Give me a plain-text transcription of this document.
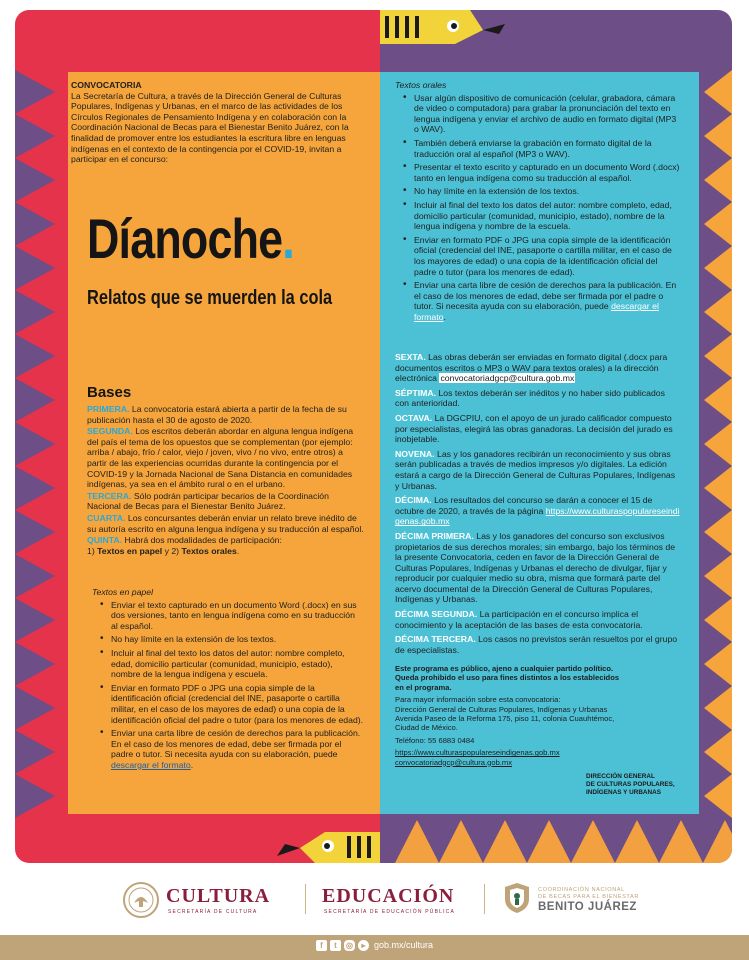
CONVOCATORIA
La Secretaría de Cultura, a través de la Dirección General de Culturas Populares, Indígenas y Urbanas, en el marco de las actividades de los Círculos Regionales de Pensamiento Indígena y en colaboración con la Coordinación Nacional de Becas para el Bienestar Benito Juárez, con la finalidad de promover entre los estudiantes la escritura libre en lenguas indígenas en el contexto de la contingencia por el COVID-19, invitan a participar en el concurso:
Díanoche.
Relatos que se muerden la cola
Bases

PRIMERA. La convocatoria estará abierta a partir de la fecha de su publicación hasta el 30 de agosto de 2020.

SEGUNDA. Los escritos deberán abordar en alguna lengua indígena del país el tema de los opuestos que se complementan (por ejemplo: arriba / abajo, frío / calor, viejo / joven, vivo / no vivo, entre otros) a partir de las experiencias ocurridas durante la contingencia por el COVID-19 y la Jornada Nacional de Sana Distancia en comunidades indígenas, ya sea en el ámbito rural o en el urbano.

TERCERA. Sólo podrán participar becarios de la Coordinación Nacional de Becas para el Bienestar Benito Juárez.

CUARTA. Los concursantes deberán enviar un relato breve inédito de su autoría escrito en alguna lengua indígena y su traducción al español.

QUINTA. Habrá dos modalidades de participación:
1) Textos en papel y 2) Textos orales.

Textos en papel
• Enviar el texto capturado en un documento Word (.docx) en sus dos versiones, tanto en lengua indígena como en su traducción al español.
• No hay límite en la extensión de los textos.
• Incluir al final del texto los datos del autor: nombre completo, edad, domicilio particular (comunidad, municipio, estado), nombre de la lengua indígena y escuela.
• Enviar en formato PDF o JPG una copia simple de la identificación oficial (credencial del INE, pasaporte o cartilla militar, en el caso de los mayores de edad) o una copia de la identificación oficial del padre o tutor (para los menores de edad).
• Enviar una carta libre de cesión de derechos para la publicación. En el caso de los menores de edad, debe ser firmada por el padre o tutor. Si necesita ayuda con su elaboración, puede descargar el formato.
Textos orales
• Usar algún dispositivo de comunicación (celular, grabadora, cámara de video o computadora) para grabar la pronunciación del texto en lengua indígena y enviar el archivo de audio en formato digital (MP3 o WAV).
• También deberá enviarse la grabación en formato digital de la traducción oral al español (MP3 o WAV).
• Presentar el texto escrito y capturado en un documento Word (.docx) tanto en lengua indígena como su traducción al español.
• No hay límite en la extensión de los textos.
• Incluir al final del texto los datos del autor: nombre completo, edad, domicilio particular (comunidad, municipio, estado), nombre de la lengua indígena y nombre de la escuela.
• Enviar en formato PDF o JPG una copia simple de la identificación oficial (credencial del INE, pasaporte o cartilla militar, en el caso de los mayores de edad) o una copia de la identificación oficial del padre o tutor (para los menores de edad).
• Enviar una carta libre de cesión de derechos para la publicación. En el caso de los menores de edad, debe ser firmada por el padre o tutor. Si necesita ayuda con su elaboración, puede descargar el formato.

SEXTA. Las obras deberán ser enviadas en formato digital (.docx para documentos escritos o MP3 o WAV para textos orales) a la dirección electrónica convocatoriadgcp@cultura.gob.mx

SÉPTIMA. Los textos deberán ser inéditos y no haber sido publicados con anterioridad.

OCTAVA. La DGCPIU, con el apoyo de un jurado calificador compuesto por especialistas, elegirá las obras ganadoras. La decisión del jurado es inobjetable.

NOVENA. Las y los ganadores recibirán un reconocimiento y sus obras serán publicadas a través de medios impresos y/o digitales. La edición estará a cargo de la Dirección General de Culturas Populares, Indígenas y Urbanas.

DÉCIMA. Los resultados del concurso se darán a conocer el 15 de octubre de 2020, a través de la página https://www.culturaspopulareseindigenas.gob.mx

DÉCIMA PRIMERA. Las y los ganadores del concurso son exclusivos propietarios de sus derechos morales; sin embargo, bajo los términos de la presente Convocatoria, ceden en favor de la Dirección General de Culturas Populares, Indígenas y Urbanas el derecho de divulgar, fijar y reproducir por cualquier medio su obra, misma que formará parte del acervo documental de la Dirección General de Culturas Populares, Indígenas y Urbanas.

DÉCIMA SEGUNDA. La participación en el concurso implica el conocimiento y la aceptación de las bases de esta convocatoria.

DÉCIMA TERCERA. Los casos no previstos serán resueltos por el grupo de especialistas.

Este programa es público, ajeno a cualquier partido político. Queda prohibido el uso para fines distintos a los establecidos en el programa.
Para mayor información sobre esta convocatoria:
Dirección General de Culturas Populares, Indígenas y Urbanas
Avenida Paseo de la Reforma 175, piso 11, colonia Cuauhtémoc,
Ciudad de México.
Teléfono: 55 6883 0484
https://www.culturaspopulareseindigenas.gob.mx
convocatoriadgcp@cultura.gob.mx
DIRECCIÓN GENERAL
DE CULTURAS POPULARES,
INDÍGENAS Y URBANAS
CULTURA
SECRETARÍA DE CULTURA
EDUCACIÓN
SECRETARÍA DE EDUCACIÓN PÚBLICA
COORDINACIÓN NACIONAL
DE BECAS PARA EL BIENESTAR
BENITO JUÁREZ
f	t	◎	▸ gob.mx/cultura
